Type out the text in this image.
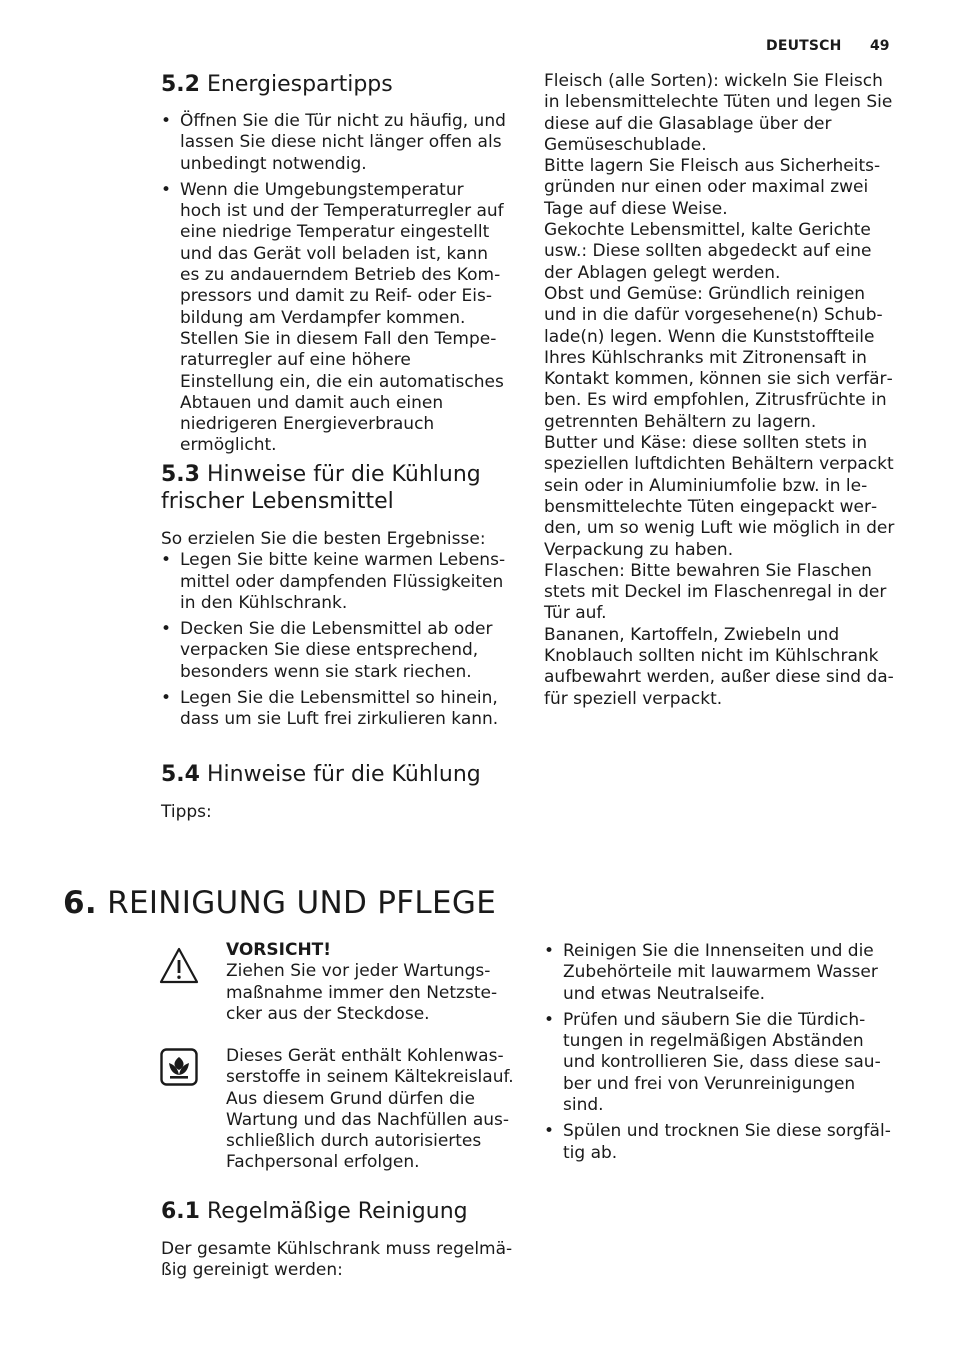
DEUTSCH 49
5.2 Energiespartipps
• Öffnen Sie die Tür nicht zu häufig, und lassen Sie diese nicht länger offen als unbedingt notwendig.
• Wenn die Umgebungstemperatur hoch ist und der Temperaturregler auf eine niedrige Temperatur eingestellt und das Gerät voll beladen ist, kann es zu andauerndem Betrieb des Kompressors und damit zu Reif- oder Eisbildung am Verdampfer kommen. Stellen Sie in diesem Fall den Temperaturregler auf eine höhere Einstellung ein, die ein automatisches Abtauen und damit auch einen niedrigeren Energieverbrauch ermöglicht.
5.3 Hinweise für die Kühlung
frischer Lebensmittel

So erzielen Sie die besten Ergebnisse:

• Legen Sie bitte keine warmen Lebensmittel oder dampfenden Flüssigkeiten in den Kühlschrank.
• Decken Sie die Lebensmittel ab oder verpacken Sie diese entsprechend, besonders wenn sie stark riechen.
• Legen Sie die Lebensmittel so hinein, dass um sie Luft frei zirkulieren kann.
5.4 Hinweise für die Kühlung

Tipps:

Fleisch (alle Sorten): wickeln Sie Fleisch in lebensmittelechte Tüten und legen Sie diese auf die Glasablage über der Gemüseschublade.

Bitte lagern Sie Fleisch aus Sicherheitsgründen nur einen oder maximal zwei Tage auf diese Weise.

Gekochte Lebensmittel, kalte Gerichte usw.: Diese sollten abgedeckt auf eine der Ablagen gelegt werden.

Obst und Gemüse: Gründlich reinigen und in die dafür vorgesehene(n) Schublade(n) legen. Wenn die Kunststoffteile Ihres Kühlschranks mit Zitronensaft in Kontakt kommen, können sie sich verfärben. Es wird empfohlen, Zitrusfrüchte in getrennten Behältern zu lagern.

Butter und Käse: diese sollten stets in speziellen luftdichten Behältern verpackt sein oder in Aluminiumfolie bzw. in lebensmittelechte Tüten eingepackt werden, um so wenig Luft wie möglich in der Verpackung zu haben.

Flaschen: Bitte bewahren Sie Flaschen stets mit Deckel im Flaschenregal in der Tür auf.

Bananen, Kartoffeln, Zwiebeln und Knoblauch sollten nicht im Kühlschrank aufbewahrt werden, außer diese sind dafür speziell verpackt.

6. REINIGUNG UND PFLEGE

VORSICHT!

Ziehen Sie vor jeder Wartungsmaßnahme immer den Netzstecker aus der Steckdose.

Dieses Gerät enthält Kohlenwasserstoffe in seinem Kältekreislauf. Aus diesem Grund dürfen die Wartung und das Nachfüllen ausschließlich durch autorisiertes Fachpersonal erfolgen.

6.1 Regelmäßige Reinigung

Der gesamte Kühlschrank muss regelmäßig gereinigt werden:

• Reinigen Sie die Innenseiten und die Zubehörteile mit lauwarmem Wasser und etwas Neutralseife.
• Prüfen und säubern Sie die Türdichtungen in regelmäßigen Abständen und kontrollieren Sie, dass diese sauber und frei von Verunreinigungen sind.
• Spülen und trocknen Sie diese sorgfältig ab.
